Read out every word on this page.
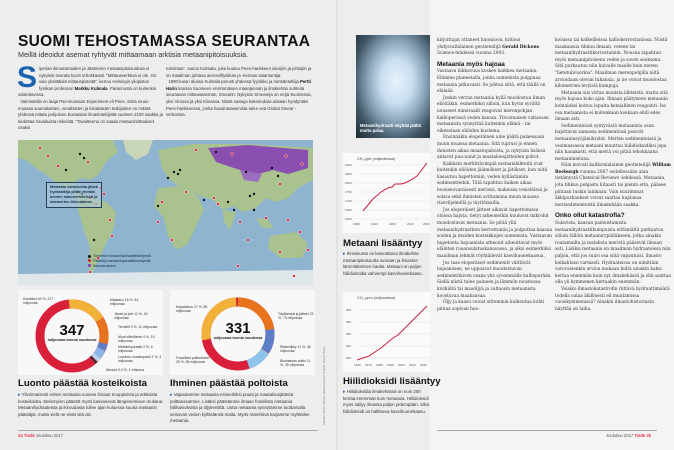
SUOMI TEHOSTAMASSA SEURANTAA
Meillä ideoidut asemat ryhtyvät mittaamaan arktisia metaanipitoisuuksia.
Siperian ikiroutamaiden ja Jäämeren metaanipitoisuuksia ei nykyisin seurata kovin tehokkaasti. "Mittausverkkoa ei ole. On vain yksittäisiä mittauspisteitä", kertoo Helsingin yliopiston fysiikan professori Markku Kulmala. Parannusta on kuitenkin odotettavissa.
Valmisteilla on laaja Pan-Eurasian Experiment eli Peex. Siinä muun muassa suomalaisten, venäläisten ja kiinalaisten tutkijoiden on määrä yhdessä mitata pohjoisen Euraasian ilmastotekijöitä vuoteen 2100 saakka ja tiedottaa havaituista riskeistä. "Tavoitteena on saada metaanimittaukset osaksi
toimintaa", sanoo Kulmala, joka kuuluu Peex-hankkeen ideoijiin ja johtajiin ja on maailman johtava aerosolifysiikan ja -kemian asiantuntija.
1990-luvun alussa Kulmala perusti yhdessä fyysikko ja metsäntutkija Pertti Harin kanssa Suomeen ensimmäisen maanpinnan ja ilmakehän suhteita seuraavan mittausaseman, Smearin. Nykyisin Smeareja on neljä Suomessa, yksi Virossa ja yksi Kiinassa. Niistä saatuja kokemuksia aiotaan hyödyntää Peex-hankkeessa, jonka havaintoasemista tulee osa Global Smear -verkostoa.
Metaania varastoivia jäisiä hydraatteja piilee etenkin merten mannerrinteissä ja mannerten ikiroudassa.
Tunnetut metaanihydraattiesiintymät
Päätellyt metaanihydraattiesiintymät
Ikirouta-alueet
Metaanihydraatti näyttää jäältä mutta palaa.
CH₄ ppb (miljardeissa)
1900
1850
1800
1750
1700
1650
1600
1980	1990	2000	2010	2020
Metaani lisääntyy
▸ Ihmiskunta on kasvattanut ilmakehän metaanipitoisuutta suoraan ja ilmaston lämmittämisen kautta. Metaani on paljon hiilidioksidia vahvempi kasvihuonekaasu.
CO₂ ppm (miljoonissa)
400
380
360
340
320
1960 1970 1980 1990 2000 2010 2020
Hiilidioksidi lisääntyy
▸ Hiilidioksidia ilmakehässä on noin 200 kertaa enemmän kuin metaania. Hiilidioksidi myös säilyy ilmassa paljon pidempään. Siksi hiilidioksidi on hallitseva kasvihuonekaasu.
347
miljoonaa tonnia vuodessa
Kosteikot 63 %, 217 miljoonaa
Maakasu 18 %, 64 miljoonaa
Järvet ja joet 12 %, 40 miljoonaa
Termiitit 3 %, 11 miljoonaa
Muut villieläimet 4 %, 15 miljoonaa
Metsänhydraatit 2 %, 6 miljoonaa
Luonnon maastopalot 1 %, 3 miljoonaa
Ikirouta 0,3 %, 1 miljoona
331
miljoonaa tonnia vuodessa
Karjatalous 27 %, 89 miljoonaa
Täyttömaat ja jätteet 23 %, 75 miljoonaa
Riisinviljely 11 %, 36 miljoonaa
Biomassan poltto 11 %, 35 miljoonaa
Fossiiliset polttoaineet 29 %, 96 miljoonaa	Lähteet: IPCC, NOAA, Global Carbon Project. Kuvat: Peex
Luonto päästää kosteikoista
▸ Ylivoimaisesti eniten metaania nousee ilmaan trooppisista ja arktisista kosteikoista. Molempien päästöt myös kasvanevat lämpenemisen mukana. Metaanihydraateista ja ikiroudasta tullee ajan kuluessa suuria metaanin päästäjiä, mutta vielä ne eivät sitä ole.
Ihminen päästää poltoista
▸ Vapautamme metaania esimerkiksi puuta ja maatalousjätteitä polttaessamme. Lisäksi päästämme ilmaan fossiilista metaania hiilikaivoksista ja öljykentiltä. Uutta metaania synnytämme tuottamalla seisovan veden kyllästämiä maita. Myös märehtivä karjamme röyhtäilee metaania.

kirjoittajat ottaneet huomioon, kritisoi yhdysvaltalainen geotieteilijä Gerald Dickens Science-lehdessä vuonna 2003.

Metaania myös hajoaa

Vastaava liikkuvuus koskee kaikkea metaania. Elämme planeetalla, jonka uumenista pulppuaa metaania jatkuvasti. Se johtuu siitä, että täällä on elämää.

Jonkin verran metaania kyllä muodostuu ilman eliöitäkin, esimerkiksi silloin, kun hyvin syvältä nousseet mineraalit reagoivat merenpohjan kallioperässä veden kanssa. Ylivoimaisen valtaosan metaanista synnyttää kuitenkin elämä – tai oikeastaan eliöiden kuolema.

Ensinnäkin eloperäinen aine päätä palaessaan muun muassa metaania. Sitä tuprusi jo ennen ihmisten aikaa maastopaloista, ja nykyisin lisänsä antavat puu-uunit ja maatalousjätteiden poltot.

Kaikkein merkittävimpiä metaanilähteitä ovat kuitenkin eliöiden jäännökset ja jätökset, kun niitä kasautuu hapettomiin, veden kyllästämiin sedimentteihin. Tätä tapahtuu kaiken aikaa hoonsnovaraisesti merissä, makeissa vesistöissä ja soissa sekä ihmisten avittamana muun muassa riisiviljelmillä ja täyttömailla.

Jos eloperäiset jätteet alkavat hapettomissa oloissa hajota, tietyt arkeoneihin kuuluvat mikrobit muodostavat metaania. Se pitää yllä metaanihydraattien kerrostumia ja pulputtaa kaasua soiden ja muiden kosteikkojen uumenista. Vastaavan hapetonta hajoamista arkeonit aiheuttavat myös eläinten ruoansulatuskanavassa, ja siksi esimerkiksi maailman lehmät röyhtäilevät kasvihuonekaasua.

Jos taas eloperäiset sedimentit välttävät hajoamisen, ne uppoavat muodostuvan sedimenttikiven osana yhä syvemmälle kallioperään. Siellä niistä tulee paineen ja lämmön noustessa kivihiiltä tai maaöljyä ja valtaosin metaanista koostuvaa maakaasua.

Öljy ja kaasu voivat sittemmin kulkeutua kohti pintaa sopivan huo-

koisissa tai halkeilleissa kalliokerrostumissa. Niistä maakaasua tihkuu ilmaan, veteen tai metaanihydraattikerrostumiin. Nousua tapahtuu myös metaanipitoisena veden ja saven seoksena. Sitä purkautuu niin kuivalle maalle kuin meren "lietetulivuorina". Maailman merenpohjilla niitä arvioidaan olevan tuhansia, ja ne voivat muodostaa kilometrien levyisiä kumpuja.

Metaania siis virtaa monista lähteistä, mutta sitä myös hajoaa koko ajan. Ilmaan päätyneen metaanin kohtaloksi koituu lopulta kemiallinen reagointi. Iso osa metaanista ei kuitenkaan koskaan ehdi edes ilmaan asti.

Sedimenteissä syntyvästä metaanista osan hajottavat samassa sedimentissä pesivät metaaninsyöjämikrobit. Merten sedimenteissä ja vesimassassa metaani muuttuu hiilidioksidiksi jopa niin hanakasti, että meriä voi pitää tehokkaana metaaninieluna.

Näin korosti kalifornialainen geotieteilijä William Reeburgh vuonna 2007 esitellessään alan tietämystä Chemical Reviews -lehdessä. Metaania, jota tihkuu pohjasta hitaasti tai pienin erin, pääsee pintaan tuskin lainkaan. Vain suurimmat äkkipurkaukset voivat saattaa kuplansa merisedimenteistä ilmakehään saakka.

Onko ollut katastrofia?

Sulavista, kaasun paineistamista metaanihydraattikumpuista eittämättä purkautuu silloin tällöin metaanirypäitäkseen, jotka ainakin routamailta ja matalista meristä pääsevät ilmaan asti. Lisäksi metaania on maailman hydraateissa niin paljon, että jos suuri osa siitä vapautuisi, ilmasto keikahtaisi varmasti. Hydraateissa on nimittäin varovaisenkin arvion mukaan hiiltä ainakin kaksi kertaa enemmän kuin nyt ilmakehässä ja sitä saattaa olla yli kymmenen kertaakin enemmän.

Voisiko ilmastokatastrofin riittävä hydraattimäärä todella sulaa äkillisesti eli muutamissa vuosikymmenissä? Ainakin ilmastohistoriasta näyttää on laiha.

24 Tiede Joulukuu 2017	Joulukuu 2017 Tiede 25
